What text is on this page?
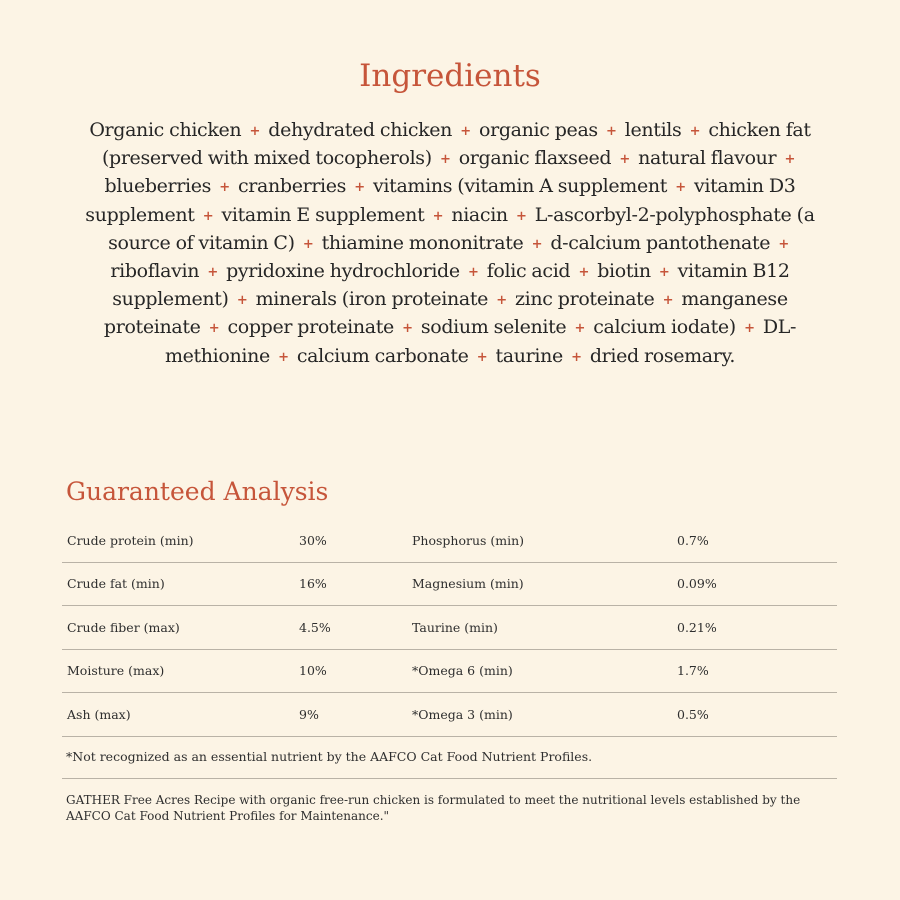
Ingredients
Organic chicken + dehydrated chicken + organic peas + lentils + chicken fat (preserved with mixed tocopherols) + organic flaxseed + natural flavour + blueberries + cranberries + vitamins (vitamin A supplement + vitamin D3 supplement + vitamin E supplement + niacin + L-ascorbyl-2-polyphosphate (a source of vitamin C) + thiamine mononitrate + d-calcium pantothenate + riboflavin + pyridoxine hydrochloride + folic acid + biotin + vitamin B12 supplement) + minerals (iron proteinate + zinc proteinate + manganese proteinate + copper proteinate + sodium selenite + calcium iodate) + DL-methionine + calcium carbonate + taurine + dried rosemary.
Guaranteed Analysis
Crude protein (min)	30%	Phosphorus (min)	0.7%
Crude fat (min)	16%	Magnesium (min)	0.09%
Crude fiber (max)	4.5%	Taurine (min)	0.21%
Moisture (max)	10%	*Omega 6 (min)	1.7%
Ash (max)	9%	*Omega 3 (min)	0.5%
*Not recognized as an essential nutrient by the AAFCO Cat Food Nutrient Profiles.
GATHER Free Acres Recipe with organic free-run chicken is formulated to meet the nutritional levels established by the AAFCO Cat Food Nutrient Profiles for Maintenance."
